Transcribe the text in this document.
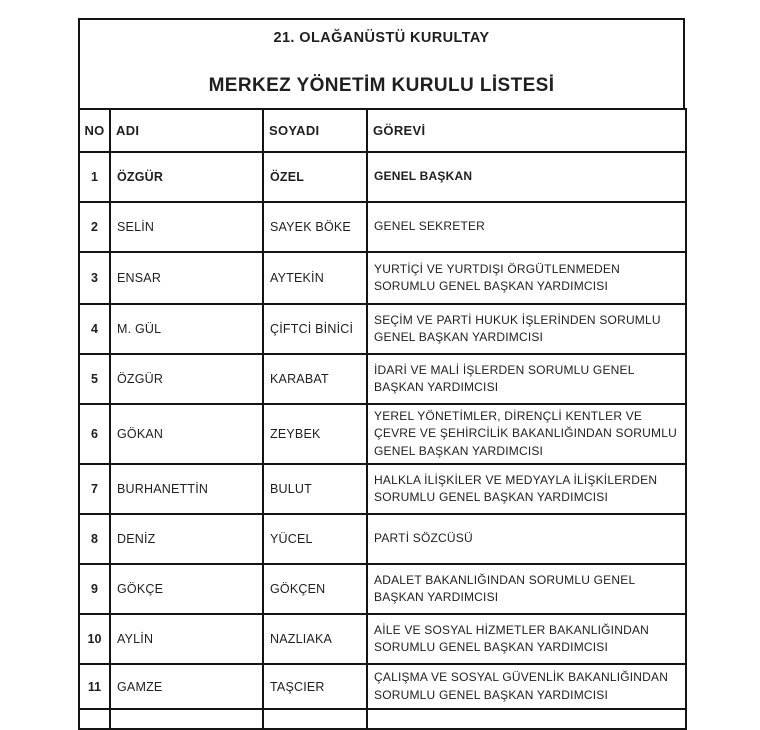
21. OLAĞANÜSTÜ KURULTAY
MERKEZ YÖNETİM KURULU LİSTESİ
NO	ADI	SOYADI	GÖREVİ
1	ÖZGÜR	ÖZEL	GENEL BAŞKAN
2	SELİN	SAYEK BÖKE	GENEL SEKRETER
3	ENSAR	AYTEKİN	YURTİÇİ VE YURTDIŞI ÖRGÜTLENMEDEN SORUMLU GENEL BAŞKAN YARDIMCISI
4	M. GÜL	ÇİFTCİ BİNİCİ	SEÇİM VE PARTİ HUKUK İŞLERİNDEN SORUMLU GENEL BAŞKAN YARDIMCISI
5	ÖZGÜR	KARABAT	İDARİ VE MALİ İŞLERDEN SORUMLU GENEL BAŞKAN YARDIMCISI
6	GÖKAN	ZEYBEK	YEREL YÖNETİMLER, DİRENÇLİ KENTLER VE ÇEVRE VE ŞEHİRCİLİK BAKANLIĞINDAN SORUMLU GENEL BAŞKAN YARDIMCISI
7	BURHANETTİN	BULUT	HALKLA İLİŞKİLER VE MEDYAYLA İLİŞKİLERDEN SORUMLU GENEL BAŞKAN YARDIMCISI
8	DENİZ	YÜCEL	PARTİ SÖZCÜSÜ
9	GÖKÇE	GÖKÇEN	ADALET BAKANLIĞINDAN SORUMLU GENEL BAŞKAN YARDIMCISI
10	AYLİN	NAZLIAKA	AİLE VE SOSYAL HİZMETLER BAKANLIĞINDAN SORUMLU GENEL BAŞKAN YARDIMCISI
11	GAMZE	TAŞCIER	ÇALIŞMA VE SOSYAL GÜVENLİK BAKANLIĞINDAN SORUMLU GENEL BAŞKAN YARDIMCISI
